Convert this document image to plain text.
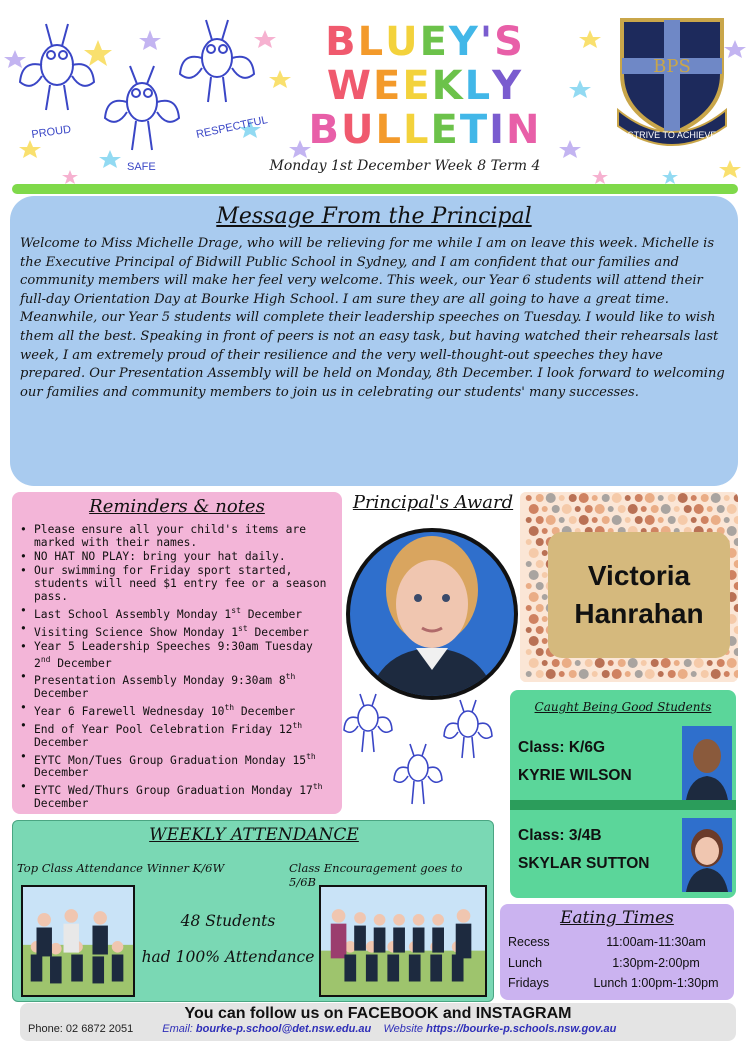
PROUD
SAFE
RESPECTFUL
BLUEY'S
WEEKLY
BULLETIN
Monday 1st December Week 8 Term 4
BPS
STRIVE TO ACHIEVE
Message From the Principal

Welcome to Miss Michelle Drage, who will be relieving for me while I am on leave this week. Michelle is the Executive Principal of Bidwill Public School in Sydney, and I am confident that our families and community members will make her feel very welcome. This week, our Year 6 students will attend their full-day Orientation Day at Bourke High School. I am sure they are all going to have a great time. Meanwhile, our Year 5 students will complete their leadership speeches on Tuesday. I would like to wish them all the best. Speaking in front of peers is not an easy task, but having watched their rehearsals last week, I am extremely proud of their resilience and the very well-thought-out speeches they have prepared. Our Presentation Assembly will be held on Monday, 8th December. I look forward to welcoming our families and community members to join us in celebrating our students' many successes.

Reminders & notes
• Please ensure all your child's items are marked with their names.
• NO HAT NO PLAY: bring your hat daily.
• Our swimming for Friday sport started, students will need $1 entry fee or a season pass.
• Last School Assembly Monday 1st December
• Visiting Science Show Monday 1st December
• Year 5 Leadership Speeches 9:30am Tuesday 2nd December
• Presentation Assembly Monday 9:30am 8th December
• Year 6 Farewell Wednesday 10th December
• End of Year Pool Celebration Friday 12th December
• EYTC Mon/Tues Group Graduation Monday 15th December
• EYTC Wed/Thurs Group Graduation Monday 17th December
Principal's Award
Victoria
Hanrahan
Caught Being Good Students
Class: K/6G
KYRIE WILSON
Class: 3/4B
SKYLAR SUTTON
WEEKLY ATTENDANCE
Top Class Attendance Winner K/6W	Class Encouragement goes to 5/6B
48 Students
had 100% Attendance
Eating Times
Recess	11:00am-11:30am
Lunch	1:30pm-2:00pm
Fridays	Lunch 1:00pm-1:30pm
You can follow us on FACEBOOK and INSTAGRAM
Phone: 02 6872 2051	Email: bourke-p.school@det.nsw.edu.au Website https://bourke-p.schools.nsw.gov.au
